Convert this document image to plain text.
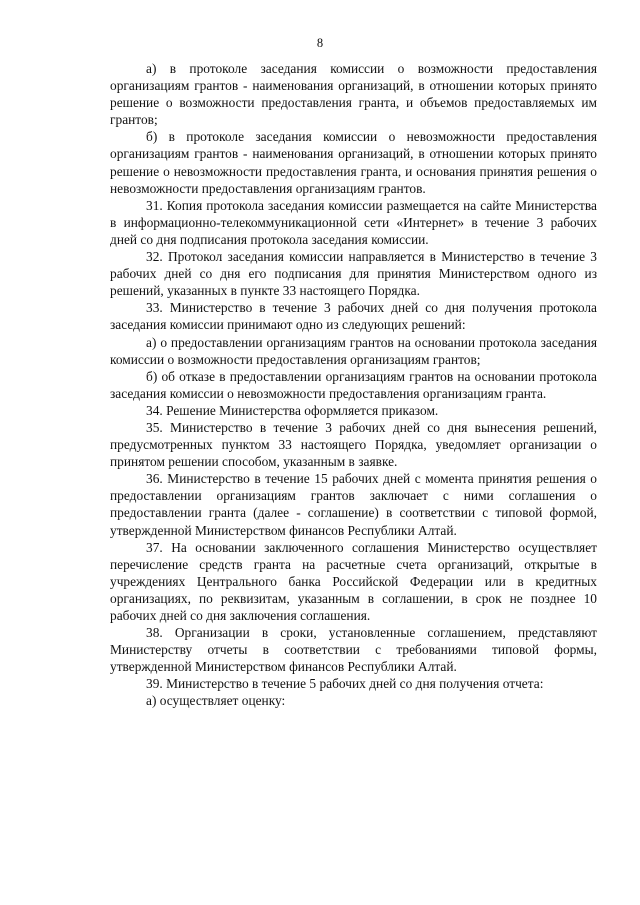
8

а) в протоколе заседания комиссии о возможности предоставления организациям грантов - наименования организаций, в отношении которых принято решение о возможности предоставления гранта, и объемов предоставляемых им грантов;

б) в протоколе заседания комиссии о невозможности предоставления организациям грантов - наименования организаций, в отношении которых принято решение о невозможности предоставления гранта, и основания принятия решения о невозможности предоставления организациям грантов.

31. Копия протокола заседания комиссии размещается на сайте Министерства в информационно-телекоммуникационной сети «Интернет» в течение 3 рабочих дней со дня подписания протокола заседания комиссии.

32. Протокол заседания комиссии направляется в Министерство в течение 3 рабочих дней со дня его подписания для принятия Министерством одного из решений, указанных в пункте 33 настоящего Порядка.

33. Министерство в течение 3 рабочих дней со дня получения протокола заседания комиссии принимают одно из следующих решений:

а) о предоставлении организациям грантов на основании протокола заседания комиссии о возможности предоставления организациям грантов;

б) об отказе в предоставлении организациям грантов на основании протокола заседания комиссии о невозможности предоставления организациям гранта.

34. Решение Министерства оформляется приказом.

35. Министерство в течение 3 рабочих дней со дня вынесения решений, предусмотренных пунктом 33 настоящего Порядка, уведомляет организации о принятом решении способом, указанным в заявке.

36. Министерство в течение 15 рабочих дней с момента принятия решения о предоставлении организациям грантов заключает с ними соглашения о предоставлении гранта (далее - соглашение) в соответствии с типовой формой, утвержденной Министерством финансов Республики Алтай.

37. На основании заключенного соглашения Министерство осуществляет перечисление средств гранта на расчетные счета организаций, открытые в учреждениях Центрального банка Российской Федерации или в кредитных организациях, по реквизитам, указанным в соглашении, в срок не позднее 10 рабочих дней со дня заключения соглашения.

38. Организации в сроки, установленные соглашением, представляют Министерству отчеты в соответствии с требованиями типовой формы, утвержденной Министерством финансов Республики Алтай.

39. Министерство в течение 5 рабочих дней со дня получения отчета:

а) осуществляет оценку:
